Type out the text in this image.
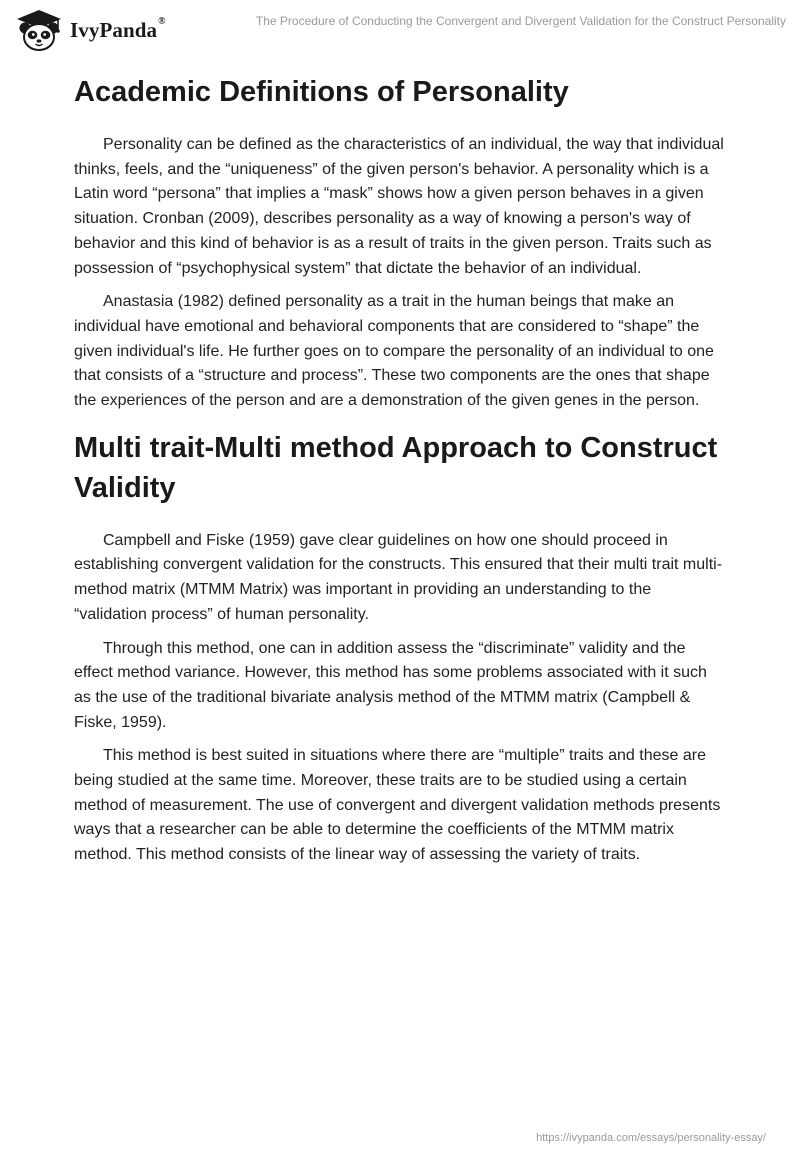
IvyPanda®	The Procedure of Conducting the Convergent and Divergent Validation for the Construct Personality
Academic Definitions of Personality

Personality can be defined as the characteristics of an individual, the way that individual thinks, feels, and the “uniqueness” of the given person's behavior. A personality which is a Latin word “persona” that implies a “mask” shows how a given person behaves in a given situation. Cronban (2009), describes personality as a way of knowing a person's way of behavior and this kind of behavior is as a result of traits in the given person. Traits such as possession of “psychophysical system” that dictate the behavior of an individual.

Anastasia (1982) defined personality as a trait in the human beings that make an individual have emotional and behavioral components that are considered to “shape” the given individual's life. He further goes on to compare the personality of an individual to one that consists of a “structure and process”. These two components are the ones that shape the experiences of the person and are a demonstration of the given genes in the person.

Multi trait-Multi method Approach to Construct Validity

Campbell and Fiske (1959) gave clear guidelines on how one should proceed in establishing convergent validation for the constructs. This ensured that their multi trait multi-method matrix (MTMM Matrix) was important in providing an understanding to the “validation process” of human personality.

Through this method, one can in addition assess the “discriminate” validity and the effect method variance. However, this method has some problems associated with it such as the use of the traditional bivariate analysis method of the MTMM matrix (Campbell & Fiske, 1959).

This method is best suited in situations where there are “multiple” traits and these are being studied at the same time. Moreover, these traits are to be studied using a certain method of measurement. The use of convergent and divergent validation methods presents ways that a researcher can be able to determine the coefficients of the MTMM matrix method. This method consists of the linear way of assessing the variety of traits.

https://ivypanda.com/essays/personality-essay/
